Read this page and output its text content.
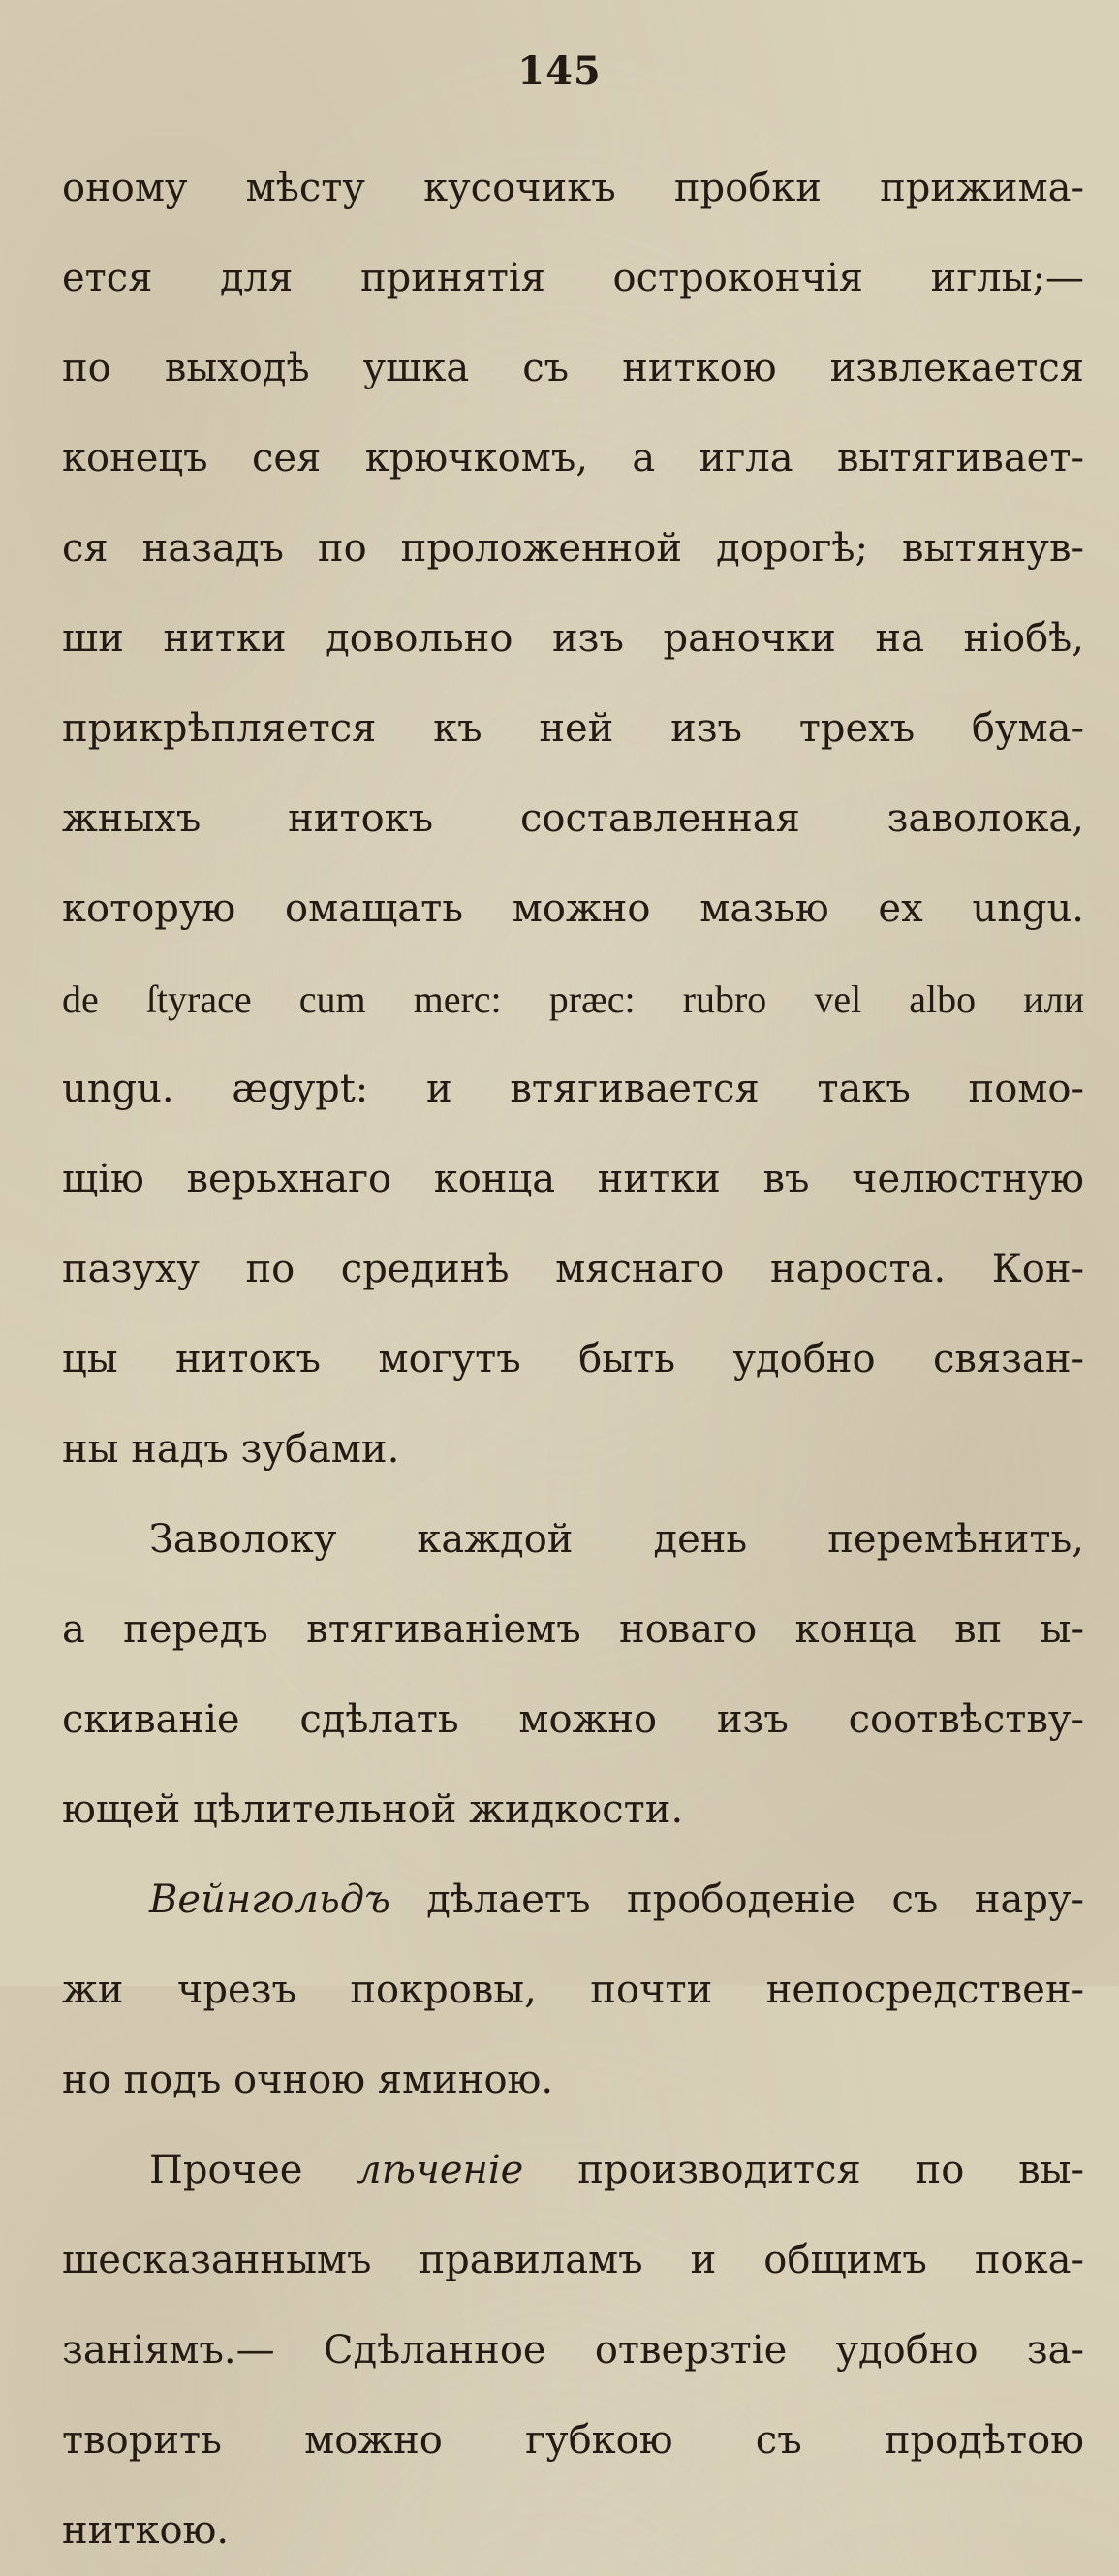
145
оному мѣсту кусочикъ пробки прижима-
ется для принятія острокончія иглы;—
по выходѣ ушка съ ниткою извлекается
конецъ сея крючкомъ, а игла вытягивает-
ся назадъ по проложенной дорогѣ; вытянув-
ши нитки довольно изъ раночки на нiобѣ,
прикрѣпляется къ ней изъ трехъ бума-
жныхъ нитокъ составленная заволока,
которую омащать можно мазью ex ungu.
de ſtyrace cum merc: præc: rubro vel albo или
ungu. ægypt: и втягивается такъ помо-
щію верьхнаго конца нитки въ челюстную
пазуху по срединѣ мяснаго нароста. Кон-
цы нитокъ могутъ быть удобно связан-
ны надъ зубами.
Заволоку каждой день перемѣнить,
а передъ втягиваніемъ новаго конца вп ы-
скиваніе сдѣлать можно изъ соотвѣству-
ющей цѣлительной жидкости.
Вейнгольдъ дѣлаетъ прободеніе съ нару-
жи чрезъ покровы, почти непосредствен-
но подъ очною яминою.
Прочее лѣченіе производится по вы-
шесказаннымъ правиламъ и общимъ пока-
заніямъ.— Сдѣланное отверзтіе удобно за-
творить можно губкою съ продѣтою
ниткою.
